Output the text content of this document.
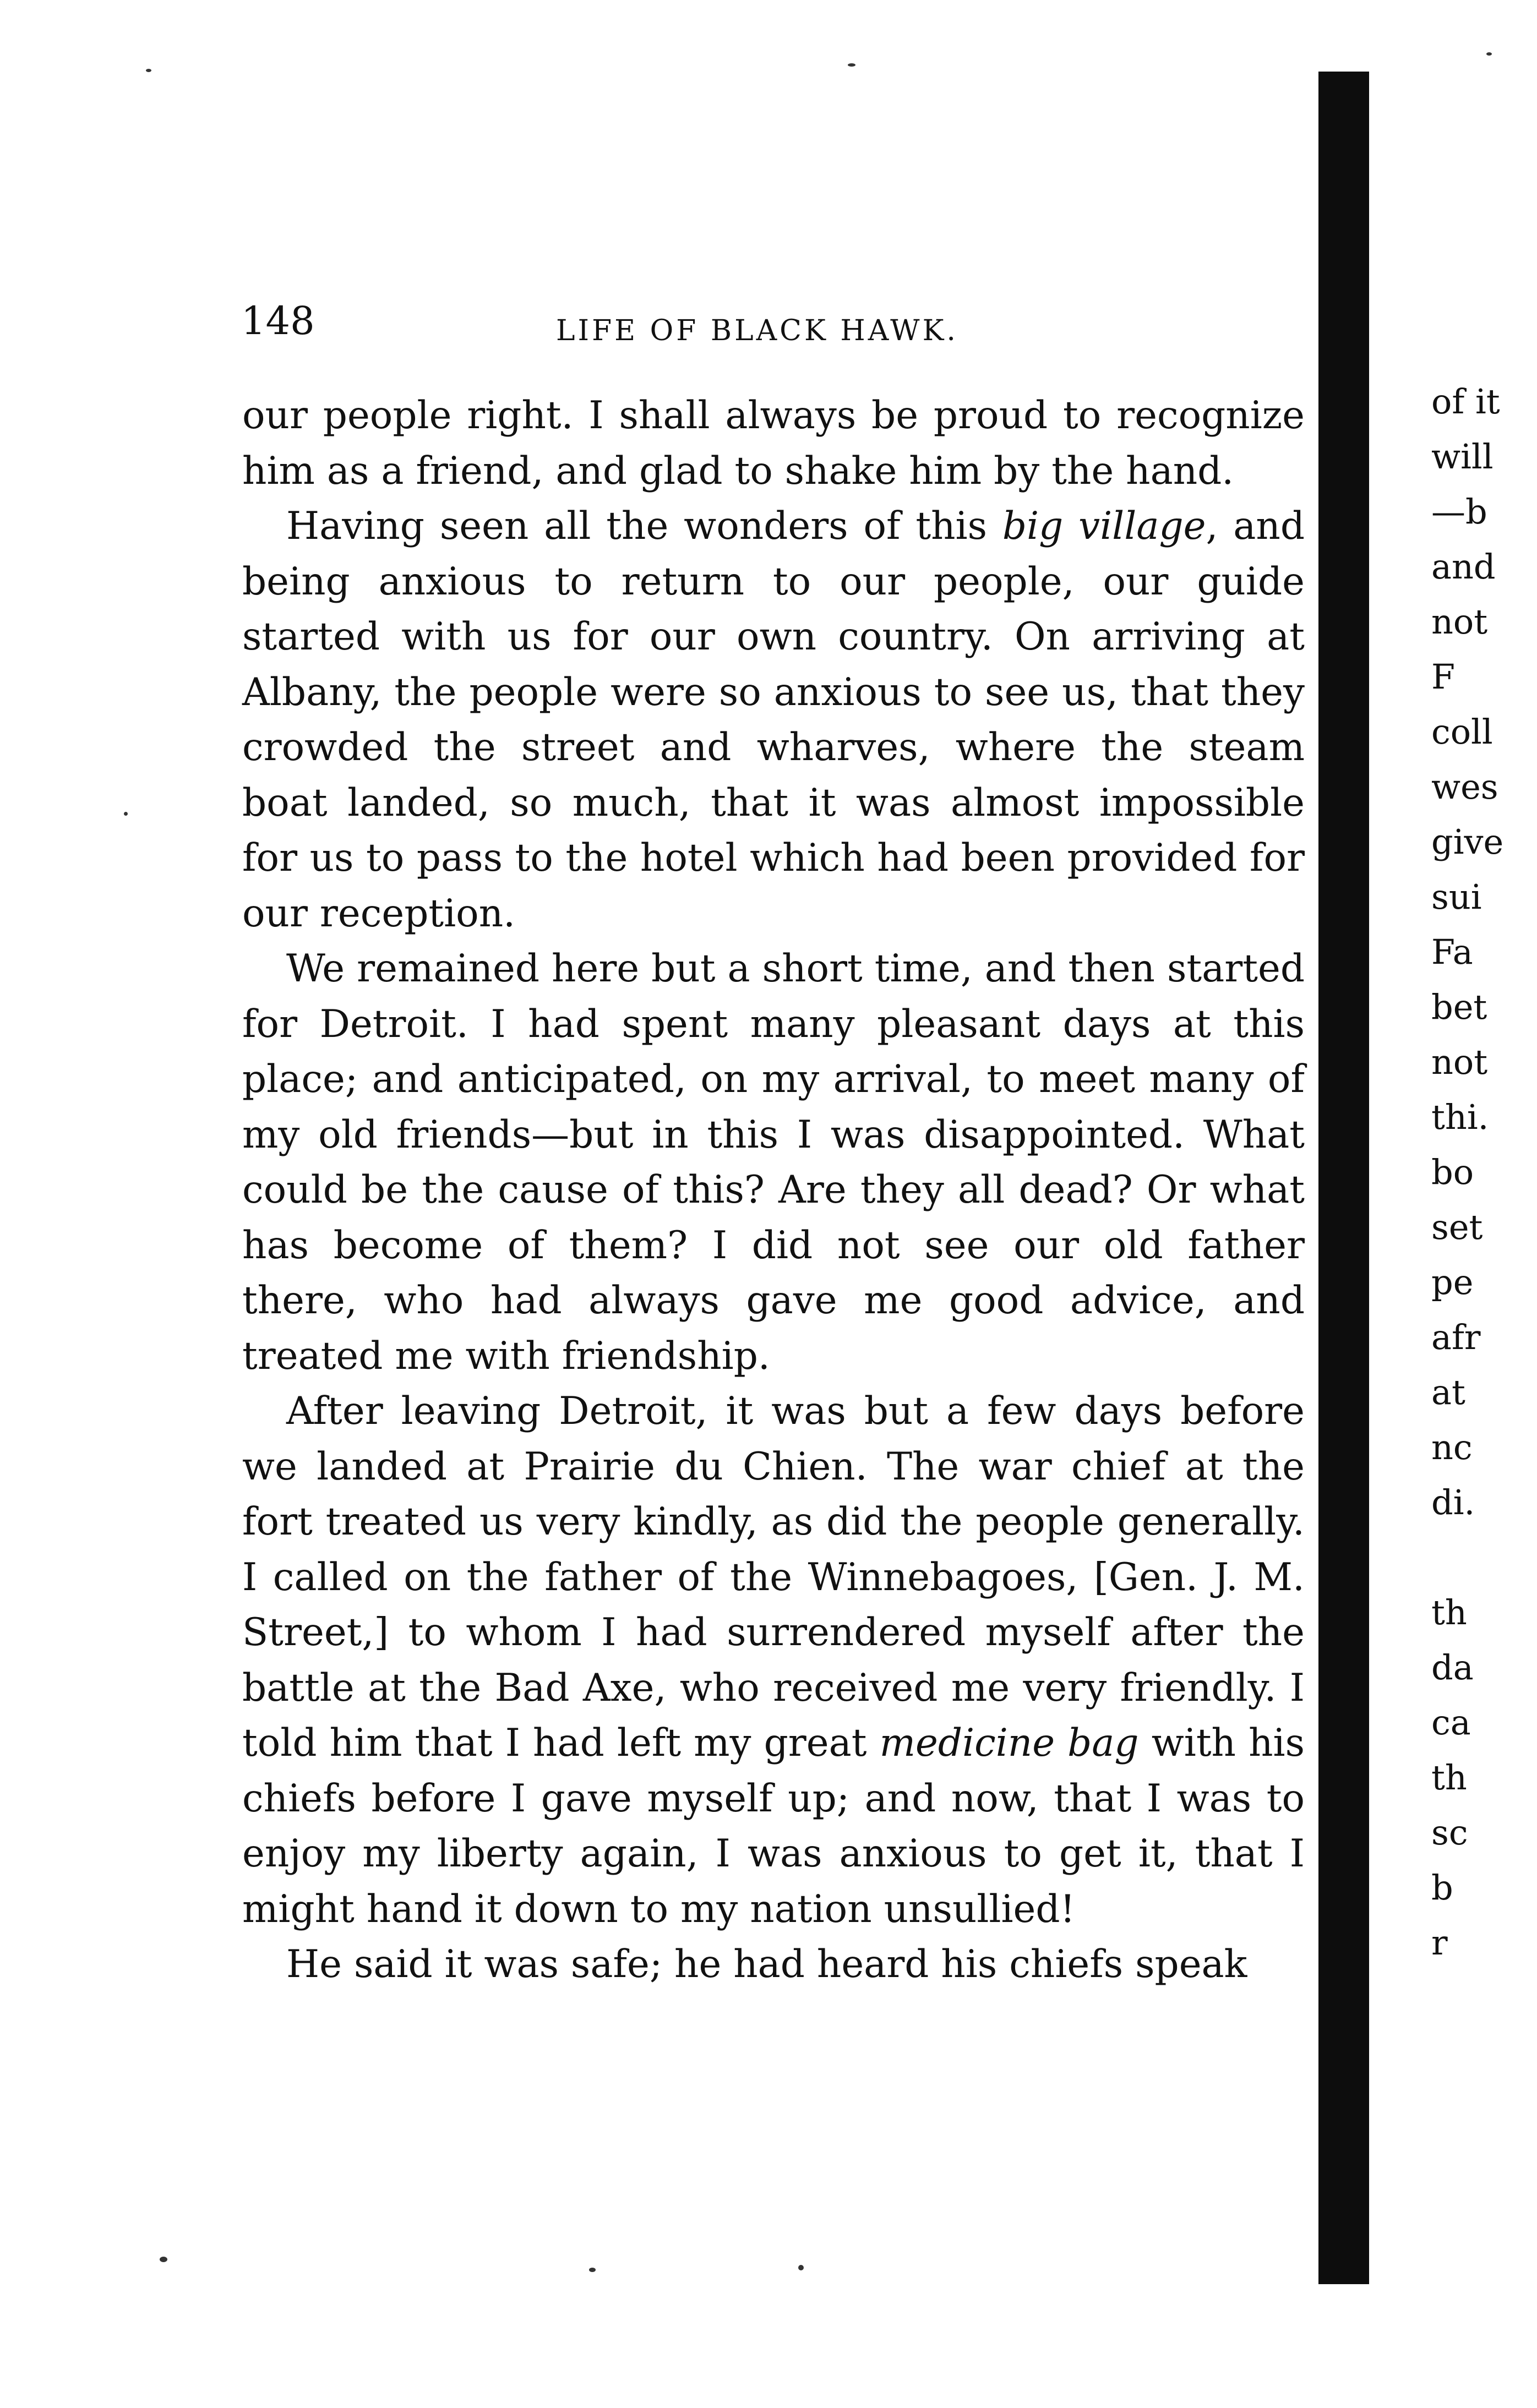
148	LIFE OF BLACK HAWK.

our people right. I shall always be proud to recognize him as a friend, and glad to shake him by the hand.

Having seen all the wonders of this big village, and being anxious to return to our people, our guide started with us for our own country. On arriving at Albany, the people were so anxious to see us, that they crowded the street and wharves, where the steam boat landed, so much, that it was almost impossible for us to pass to the hotel which had been provided for our reception.

We remained here but a short time, and then started for Detroit. I had spent many pleasant days at this place; and anticipated, on my arrival, to meet many of my old friends—but in this I was disappointed. What could be the cause of this? Are they all dead? Or what has become of them? I did not see our old father there, who had always gave me good advice, and treated me with friendship.

After leaving Detroit, it was but a few days before we landed at Prairie du Chien. The war chief at the fort treated us very kindly, as did the people generally. I called on the father of the Winnebagoes, [Gen. J. M. Street,] to whom I had surrendered myself after the battle at the Bad Axe, who received me very friendly. I told him that I had left my great medicine bag with his chiefs before I gave myself up; and now, that I was to enjoy my liberty again, I was anxious to get it, that I might hand it down to my nation unsullied!

He said it was safe; he had heard his chiefs speak

of it
will
—b
and
not
F
coll
wes
give
sui
Fa
bet
not
thi.
bo
set
pe
afr
at
nc
di.
th
da
ca
th
sc
b
r
